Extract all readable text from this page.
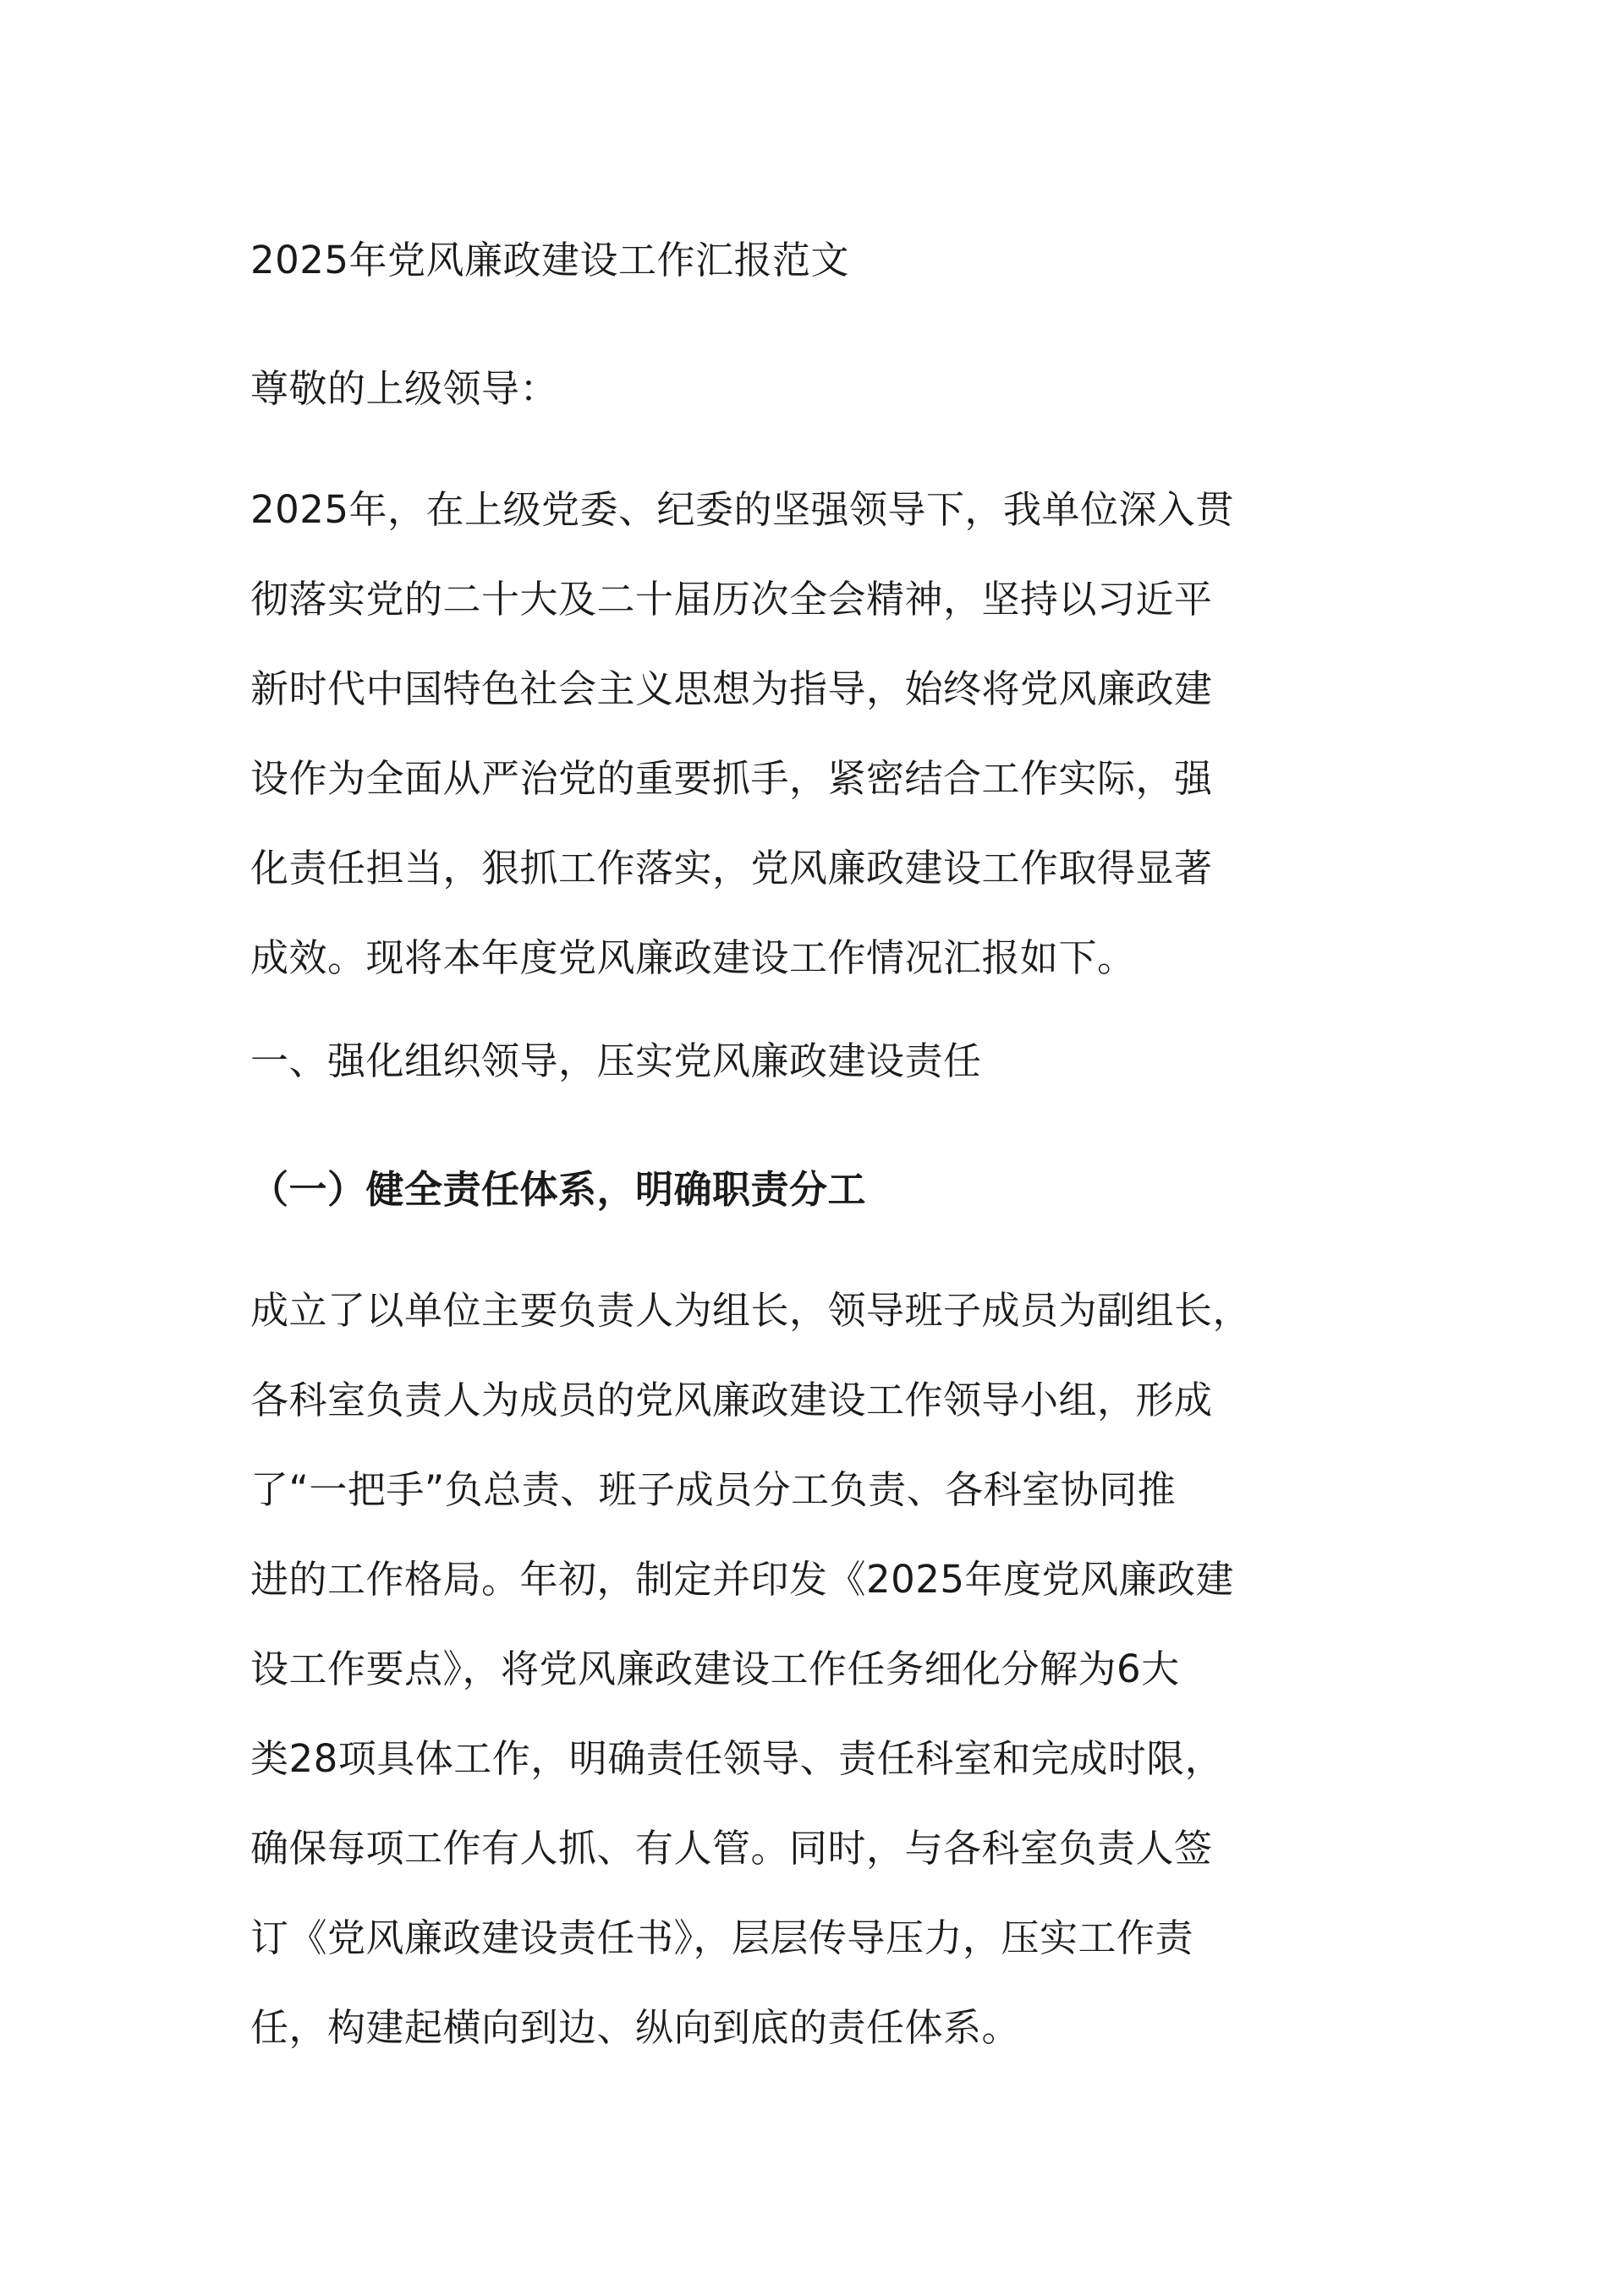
2025年党风廉政建设工作汇报范文
尊敬的上级领导：
2025年，在上级党委、纪委的坚强领导下，我单位深入贯
彻落实党的二十大及二十届历次全会精神，坚持以习近平
新时代中国特色社会主义思想为指导，始终将党风廉政建
设作为全面从严治党的重要抓手，紧密结合工作实际，强
化责任担当，狠抓工作落实，党风廉政建设工作取得显著
成效。现将本年度党风廉政建设工作情况汇报如下。
一、强化组织领导，压实党风廉政建设责任
（一）健全责任体系，明确职责分工
成立了以单位主要负责人为组长，领导班子成员为副组长，
各科室负责人为成员的党风廉政建设工作领导小组，形成
了“一把手”负总责、班子成员分工负责、各科室协同推
进的工作格局。年初，制定并印发《2025年度党风廉政建
设工作要点》，将党风廉政建设工作任务细化分解为6大
类28项具体工作，明确责任领导、责任科室和完成时限，
确保每项工作有人抓、有人管。同时，与各科室负责人签
订《党风廉政建设责任书》，层层传导压力，压实工作责
任，构建起横向到边、纵向到底的责任体系。
